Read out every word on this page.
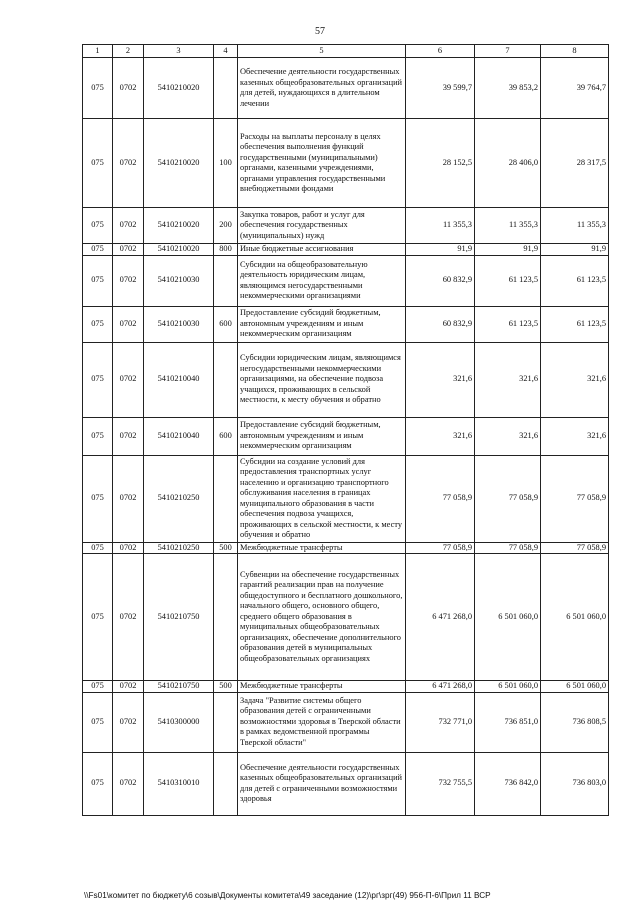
57
1	2	3	4	5	6	7	8
075	0702	5410210020		Обеспечение деятельности государственных казенных общеобразовательных организаций для детей, нуждающихся в длительном лечении	39 599,7	39 853,2	39 764,7
075	0702	5410210020	100	Расходы на выплаты персоналу в целях обеспечения выполнения функций государственными (муниципальными) органами, казенными учреждениями, органами управления государственными внебюджетными фондами	28 152,5	28 406,0	28 317,5
075	0702	5410210020	200	Закупка товаров, работ и услуг для обеспечения государственных (муниципальных) нужд	11 355,3	11 355,3	11 355,3
075	0702	5410210020	800	Иные бюджетные ассигнования	91,9	91,9	91,9
075	0702	5410210030		Субсидии на общеобразовательную деятельность юридическим лицам, являющимся негосударственными некоммерческими организациями	60 832,9	61 123,5	61 123,5
075	0702	5410210030	600	Предоставление субсидий бюджетным, автономным учреждениям и иным некоммерческим организациям	60 832,9	61 123,5	61 123,5
075	0702	5410210040		Субсидии юридическим лицам, являющимся негосударственными некоммерческими организациями, на обеспечение подвоза учащихся, проживающих в сельской местности, к месту обучения и обратно	321,6	321,6	321,6
075	0702	5410210040	600	Предоставление субсидий бюджетным, автономным учреждениям и иным некоммерческим организациям	321,6	321,6	321,6
075	0702	5410210250		Субсидии на создание условий для предоставления транспортных услуг населению и организацию транспортного обслуживания населения в границах муниципального образования в части обеспечения подвоза учащихся, проживающих в сельской местности, к месту обучения и обратно	77 058,9	77 058,9	77 058,9
075	0702	5410210250	500	Межбюджетные трансферты	77 058,9	77 058,9	77 058,9
075	0702	5410210750		Субвенции на обеспечение государственных гарантий реализации прав на получение общедоступного и бесплатного дошкольного, начального общего, основного общего, среднего общего образования в муниципальных общеобразовательных организациях, обеспечение дополнительного образования детей в муниципальных общеобразовательных организациях	6 471 268,0	6 501 060,0	6 501 060,0
075	0702	5410210750	500	Межбюджетные трансферты	6 471 268,0	6 501 060,0	6 501 060,0
075	0702	5410300000		Задача "Развитие системы общего образования детей с ограниченными возможностями здоровья в Тверской области в рамках ведомственной программы Тверской области"	732 771,0	736 851,0	736 808,5
075	0702	5410310010		Обеспечение деятельности государственных казенных общеобразовательных организаций для детей с ограниченными возможностями здоровья	732 755,5	736 842,0	736 803,0
\\Fs01\комитет по бюджету\6 созыв\Документы комитета\49 заседание (12)\рг\зрг(49) 956-П-6\Прил 11 ВСР
